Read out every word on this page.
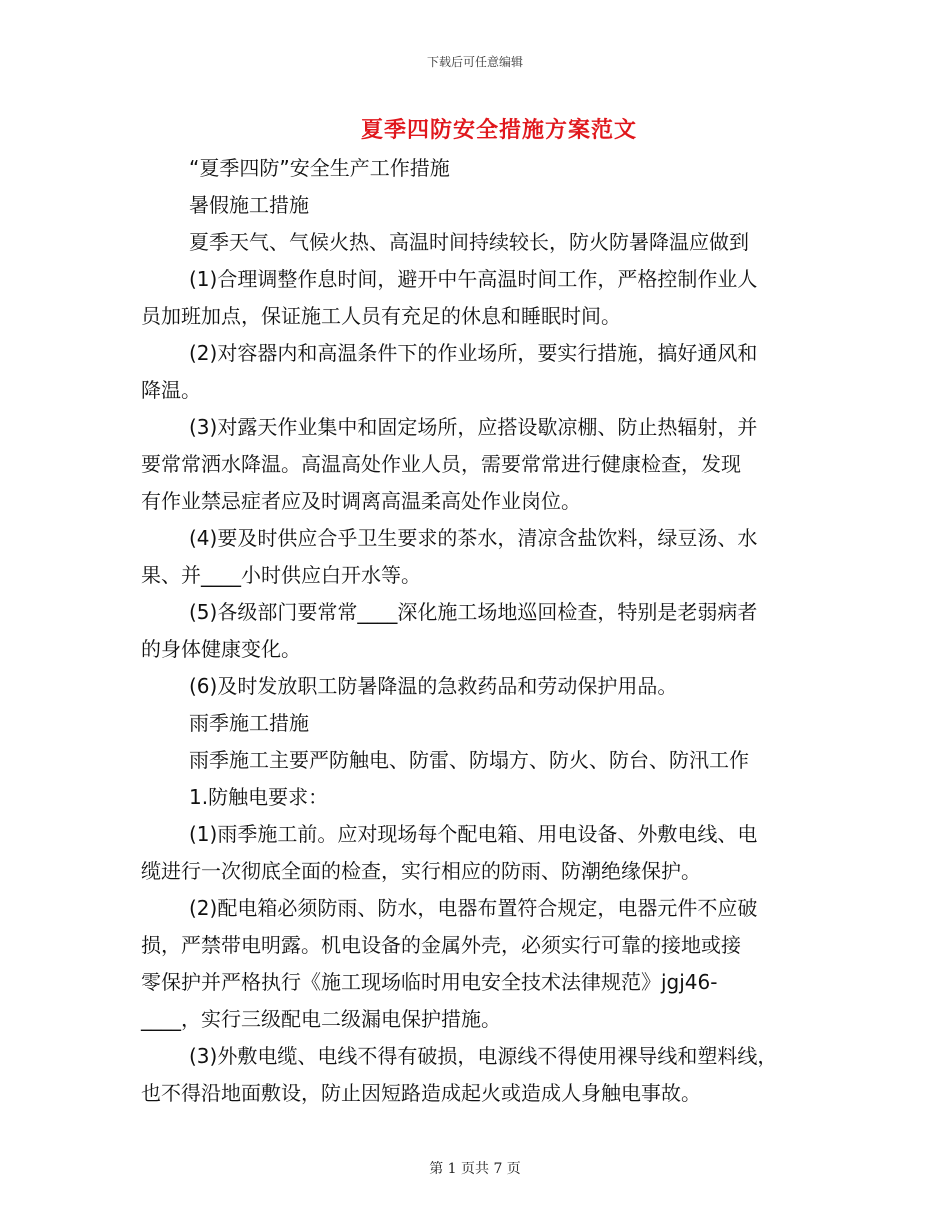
下载后可任意编辑
夏季四防安全措施方案范文
“夏季四防”安全生产工作措施
暑假施工措施
夏季天气、气候火热、高温时间持续较长，防火防暑降温应做到
(1)合理调整作息时间，避开中午高温时间工作，严格控制作业人
员加班加点，保证施工人员有充足的休息和睡眠时间。
(2)对容器内和高温条件下的作业场所，要实行措施，搞好通风和
降温。
(3)对露天作业集中和固定场所，应搭设歇凉棚、防止热辐射，并
要常常洒水降温。高温高处作业人员，需要常常进行健康检查，发现
有作业禁忌症者应及时调离高温柔高处作业岗位。
(4)要及时供应合乎卫生要求的茶水，清凉含盐饮料，绿豆汤、水
果、并____小时供应白开水等。
(5)各级部门要常常____深化施工场地巡回检查，特别是老弱病者
的身体健康变化。
(6)及时发放职工防暑降温的急救药品和劳动保护用品。
雨季施工措施
雨季施工主要严防触电、防雷、防塌方、防火、防台、防汛工作
1.防触电要求：
(1)雨季施工前。应对现场每个配电箱、用电设备、外敷电线、电
缆进行一次彻底全面的检查，实行相应的防雨、防潮绝缘保护。
(2)配电箱必须防雨、防水，电器布置符合规定，电器元件不应破
损，严禁带电明露。机电设备的金属外壳，必须实行可靠的接地或接
零保护并严格执行《施工现场临时用电安全技术法律规范》jgj46-
____，实行三级配电二级漏电保护措施。
(3)外敷电缆、电线不得有破损，电源线不得使用裸导线和塑料线，
也不得沿地面敷设，防止因短路造成起火或造成人身触电事故。
第 1 页共 7 页
